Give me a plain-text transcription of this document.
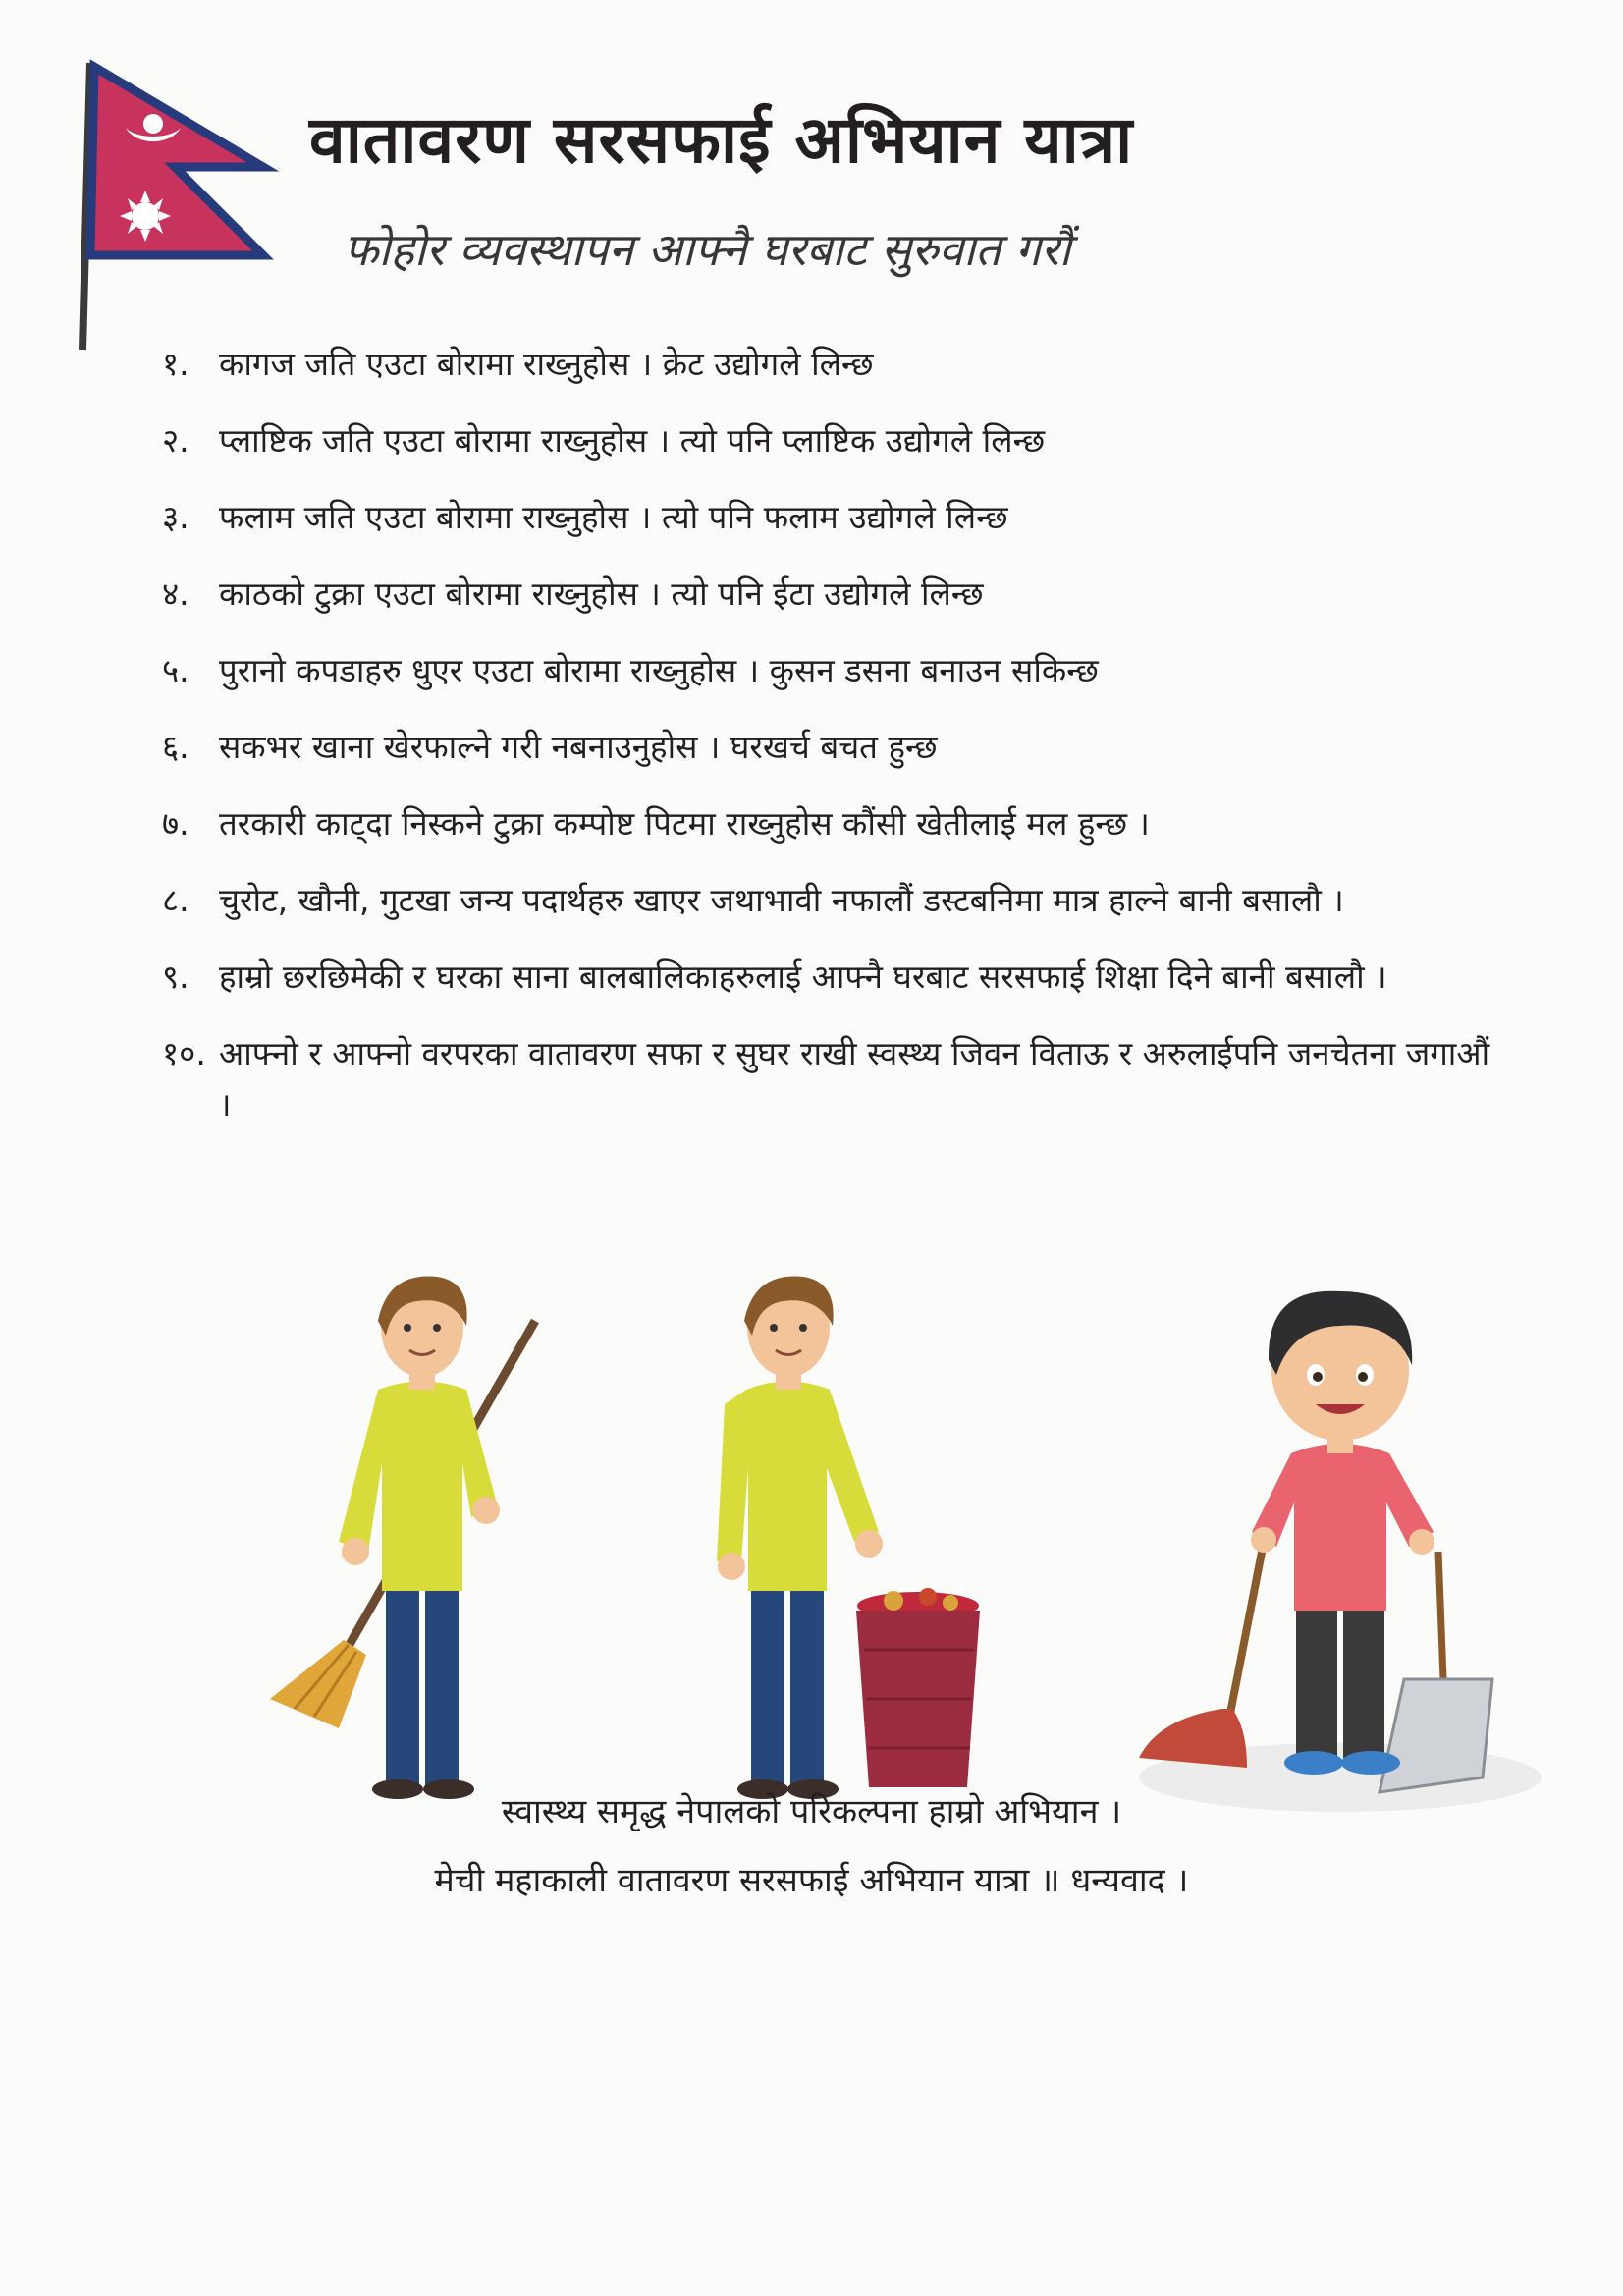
वातावरण सरसफाई अभियान यात्रा
फोहोर व्यवस्थापन आफ्नै घरबाट सुरुवात गरौं
१. कागज जति एउटा बोरामा राख्नुहोस । क्रेट उद्योगले लिन्छ
२. प्लाष्टिक जति एउटा बोरामा राख्नुहोस । त्यो पनि प्लाष्टिक उद्योगले लिन्छ
३. फलाम जति एउटा बोरामा राख्नुहोस । त्यो पनि फलाम उद्योगले लिन्छ
४. काठको टुक्रा एउटा बोरामा राख्नुहोस । त्यो पनि ईटा उद्योगले लिन्छ
५. पुरानो कपडाहरु धुएर एउटा बोरामा राख्नुहोस । कुसन डसना बनाउन सकिन्छ
६. सकभर खाना खेरफाल्ने गरी नबनाउनुहोस । घरखर्च बचत हुन्छ
७. तरकारी काट्दा निस्कने टुक्रा कम्पोष्ट पिटमा राख्नुहोस कौंसी खेतीलाई मल हुन्छ ।
८. चुरोट, खौनी, गुटखा जन्य पदार्थहरु खाएर जथाभावी नफालौं डस्टबनिमा मात्र हाल्ने बानी बसालौ ।
९. हाम्रो छरछिमेकी र घरका साना बालबालिकाहरुलाई आफ्नै घरबाट सरसफाई शिक्षा दिने बानी बसालौ ।
१०. आफ्नो र आफ्नो वरपरका वातावरण सफा र सुघर राखी स्वस्थ्य जिवन विताऊ र अरुलाईपनि जनचेतना जगाऔं ।
स्वास्थ्य समृद्ध नेपालको परिकल्पना हाम्रो अभियान ।
मेची महाकाली वातावरण सरसफाई अभियान यात्रा ॥ धन्यवाद ।
